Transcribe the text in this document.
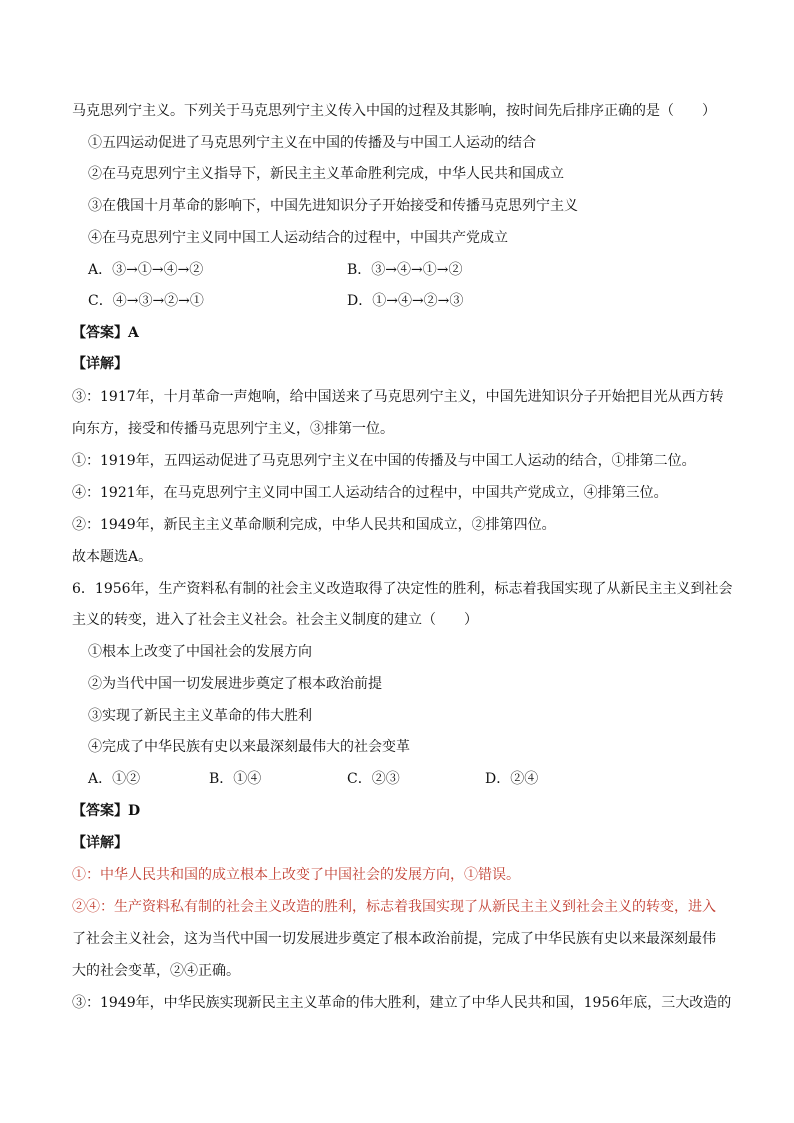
马克思列宁主义。下列关于马克思列宁主义传入中国的过程及其影响，按时间先后排序正确的是（　　）
①五四运动促进了马克思列宁主义在中国的传播及与中国工人运动的结合
②在马克思列宁主义指导下，新民主主义革命胜利完成，中华人民共和国成立
③在俄国十月革命的影响下，中国先进知识分子开始接受和传播马克思列宁主义
④在马克思列宁主义同中国工人运动结合的过程中，中国共产党成立
A．③→①→④→②	B．③→④→①→②
C．④→③→②→①	D．①→④→②→③
【答案】A
【详解】
③：1917年，十月革命一声炮响，给中国送来了马克思列宁主义，中国先进知识分子开始把目光从西方转
向东方，接受和传播马克思列宁主义，③排第一位。
①：1919年，五四运动促进了马克思列宁主义在中国的传播及与中国工人运动的结合，①排第二位。
④：1921年，在马克思列宁主义同中国工人运动结合的过程中，中国共产党成立，④排第三位。
②：1949年，新民主主义革命顺利完成，中华人民共和国成立，②排第四位。
故本题选A。
6．1956年，生产资料私有制的社会主义改造取得了决定性的胜利，标志着我国实现了从新民主主义到社会
主义的转变，进入了社会主义社会。社会主义制度的建立（　　）
①根本上改变了中国社会的发展方向
②为当代中国一切发展进步奠定了根本政治前提
③实现了新民主主义革命的伟大胜利
④完成了中华民族有史以来最深刻最伟大的社会变革
A．①②	B．①④	C．②③	D．②④
【答案】D
【详解】
①：中华人民共和国的成立根本上改变了中国社会的发展方向，①错误。
②④：生产资料私有制的社会主义改造的胜利，标志着我国实现了从新民主主义到社会主义的转变，进入
了社会主义社会，这为当代中国一切发展进步奠定了根本政治前提，完成了中华民族有史以来最深刻最伟
大的社会变革，②④正确。
③：1949年，中华民族实现新民主主义革命的伟大胜利，建立了中华人民共和国，1956年底，三大改造的
